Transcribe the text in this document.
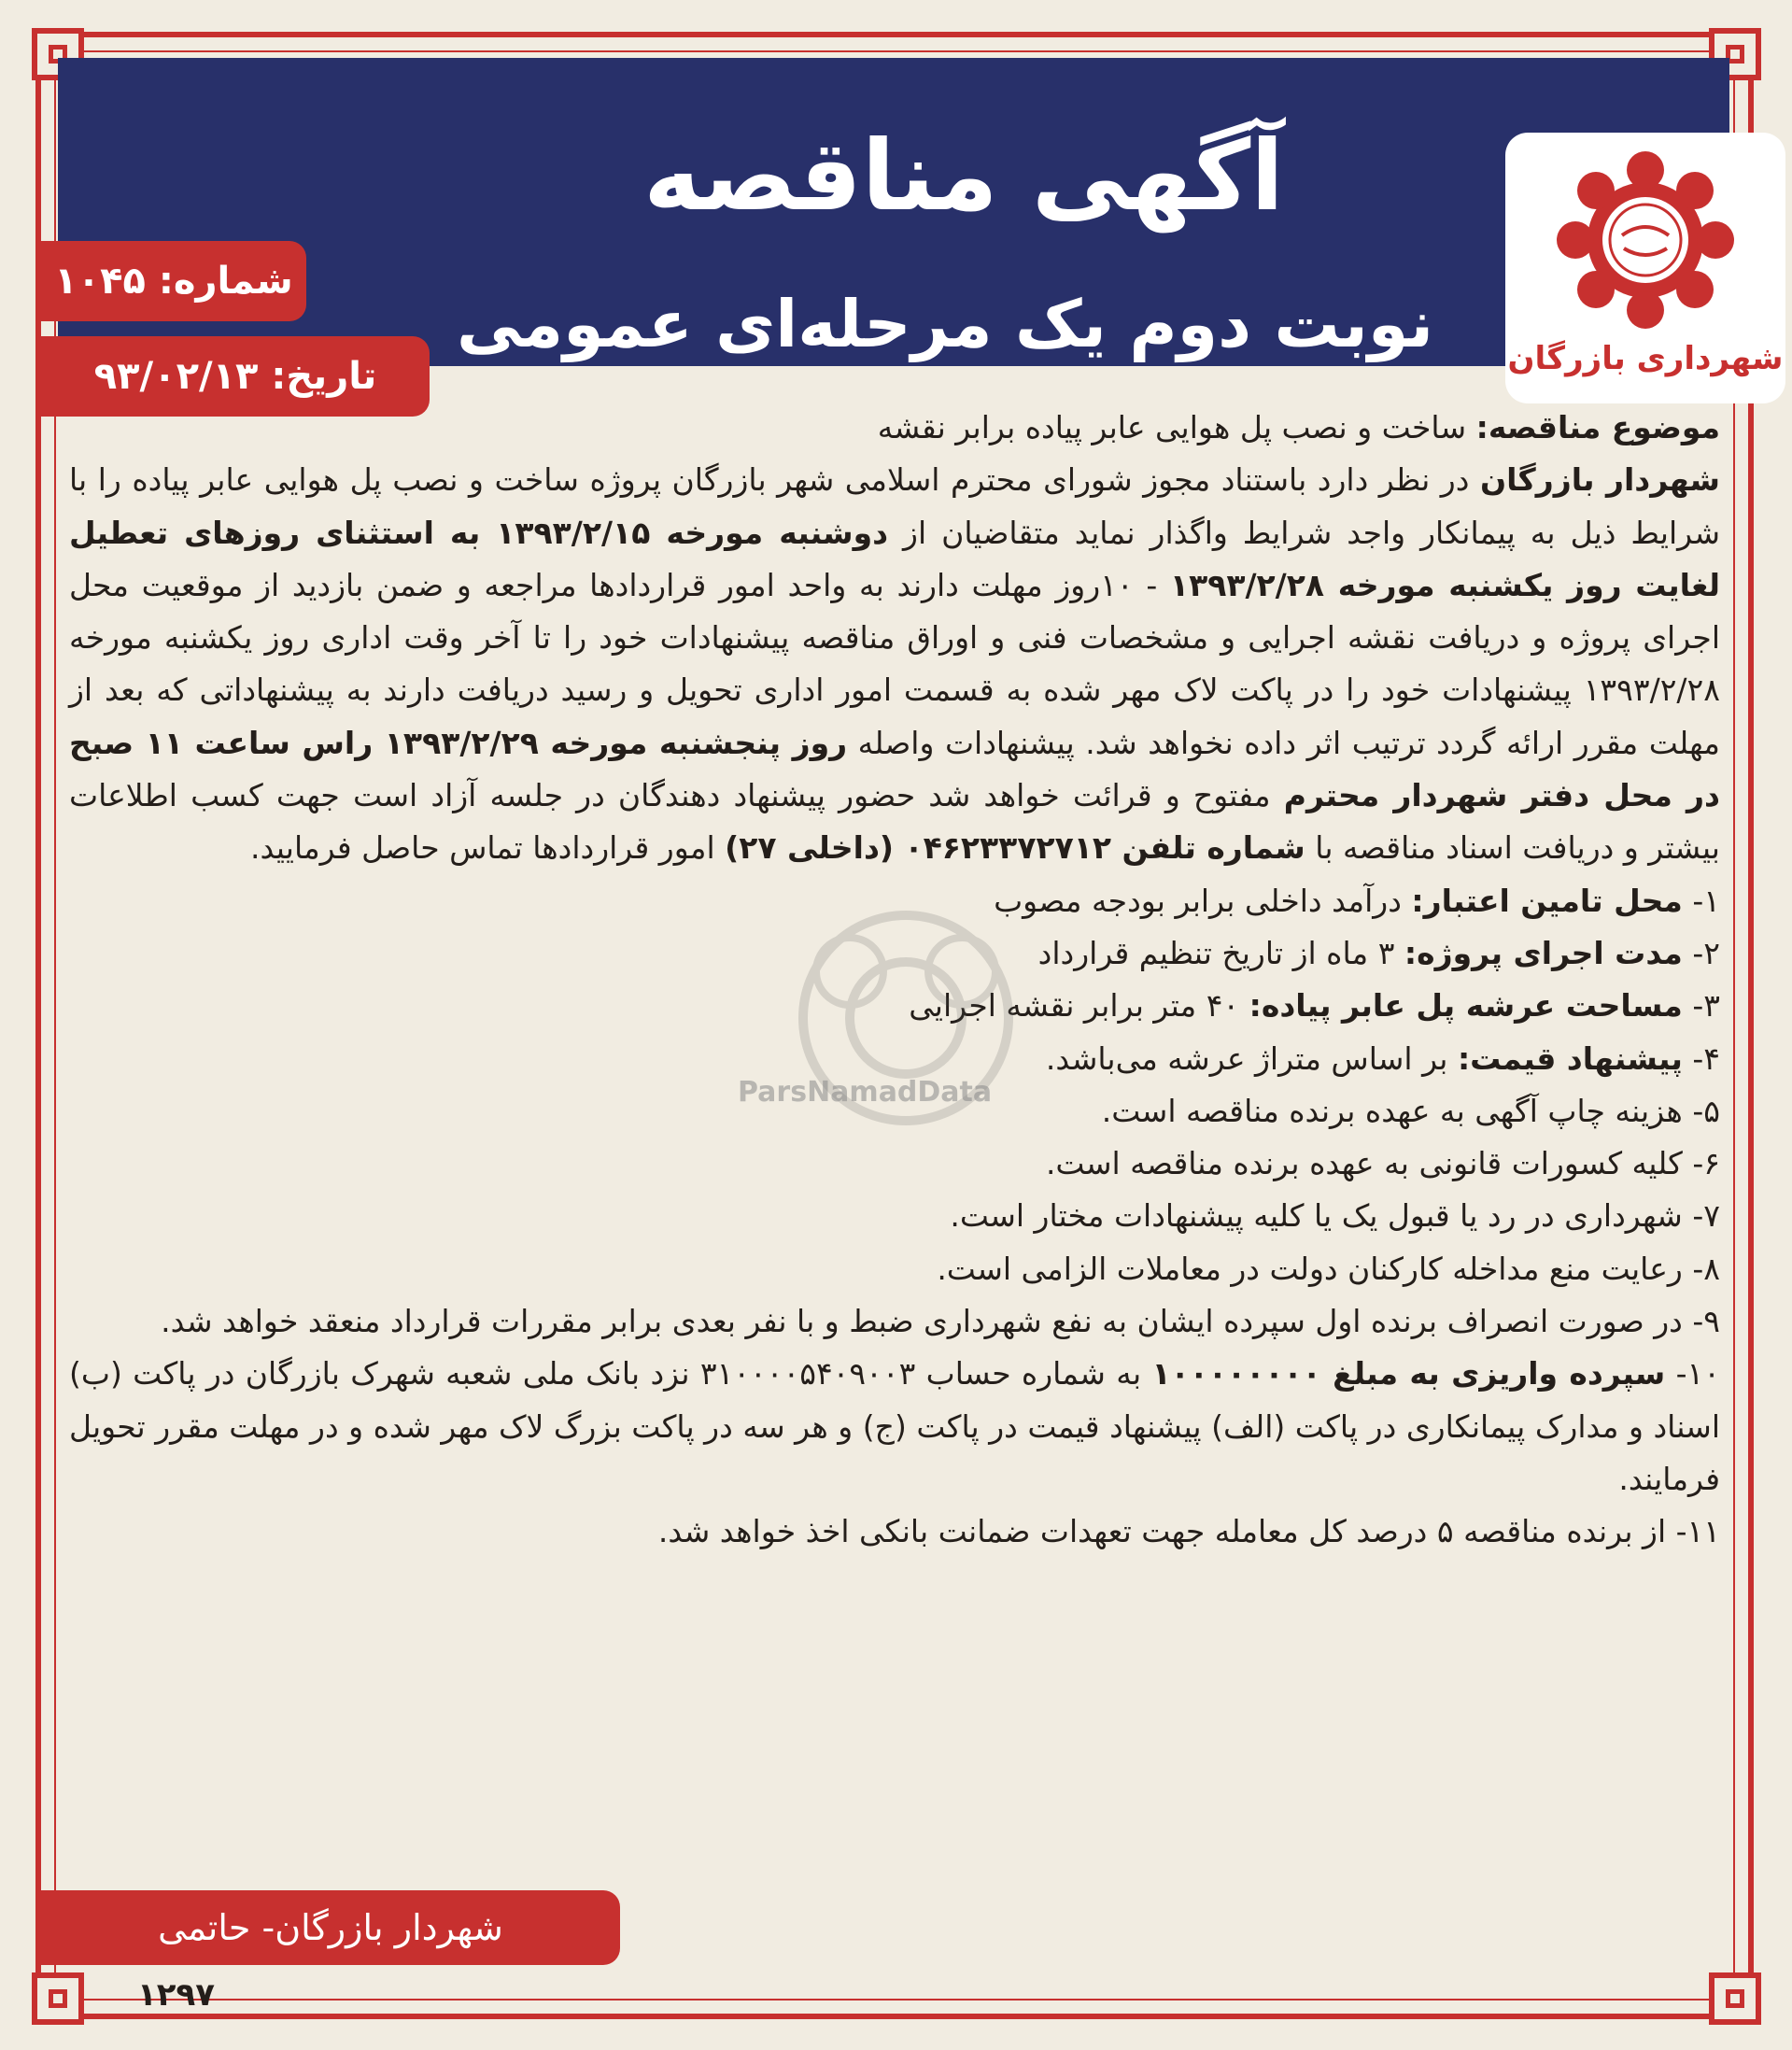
آگهی مناقصه
نوبت دوم یک مرحله‌ای عمومی	شهرداری بازرگان
شماره: ۱۰۴۵
تاریخ: ۹۳/۰۲/۱۳

موضوع مناقصه: ساخت و نصب پل هوایی عابر پیاده برابر نقشه

شهردار بازرگان در نظر دارد باستناد مجوز شورای محترم اسلامی شهر بازرگان پروژه ساخت و نصب پل هوایی عابر پیاده را با شرایط ذیل به پیمانکار واجد شرایط واگذار نماید متقاضیان از دوشنبه مورخه ۱۳۹۳/۲/۱۵ به استثنای روزهای تعطیل لغایت روز یکشنبه مورخه ۱۳۹۳/۲/۲۸ - ۱۰روز مهلت دارند به واحد امور قراردادها مراجعه و ضمن بازدید از موقعیت محل اجرای پروژه و دریافت نقشه اجرایی و مشخصات فنی و اوراق مناقصه پیشنهادات خود را تا آخر وقت اداری روز یکشنبه مورخه ۱۳۹۳/۲/۲۸ پیشنهادات خود را در پاکت لاک مهر شده به قسمت امور اداری تحویل و رسید دریافت دارند به پیشنهاداتی که بعد از مهلت مقرر ارائه گردد ترتیب اثر داده نخواهد شد. پیشنهادات واصله روز پنجشنبه مورخه ۱۳۹۳/۲/۲۹ راس ساعت ۱۱ صبح در محل دفتر شهردار محترم مفتوح و قرائت خواهد شد حضور پیشنهاد دهندگان در جلسه آزاد است جهت کسب اطلاعات بیشتر و دریافت اسناد مناقصه با شماره تلفن ۰۴۶۲۳۳۷۲۷۱۲ (داخلی ۲۷) امور قراردادها تماس حاصل فرمایید.

۱- محل تامین اعتبار: درآمد داخلی برابر بودجه مصوب
۲- مدت اجرای پروژه: ۳ ماه از تاریخ تنظیم قرارداد
۳- مساحت عرشه پل عابر پیاده: ۴۰ متر برابر نقشه اجرایی
۴- پیشنهاد قیمت: بر اساس متراژ عرشه می‌باشد.
۵- هزینه چاپ آگهی به عهده برنده مناقصه است.
۶- کلیه کسورات قانونی به عهده برنده مناقصه است.
۷- شهرداری در رد یا قبول یک یا کلیه پیشنهادات مختار است.
۸- رعایت منع مداخله کارکنان دولت در معاملات الزامی است.
۹- در صورت انصراف برنده اول سپرده ایشان به نفع شهرداری ضبط و با نفر بعدی برابر مقررات قرارداد منعقد خواهد شد.
۱۰- سپرده واریزی به مبلغ ۱۰۰۰۰۰۰۰۰ به شماره حساب ۳۱۰۰۰۰۵۴۰۹۰۰۳ نزد بانک ملی شعبه شهرک بازرگان در پاکت (ب) اسناد و مدارک پیمانکاری در پاکت (الف) پیشنهاد قیمت در پاکت (ج) و هر سه در پاکت بزرگ لاک مهر شده و در مهلت مقرر تحویل فرمایند.
۱۱- از برنده مناقصه ۵ درصد کل معامله جهت تعهدات ضمانت بانکی اخذ خواهد شد.
ParsNamadData
شهردار بازرگان- حاتمی
۱۲۹۷
